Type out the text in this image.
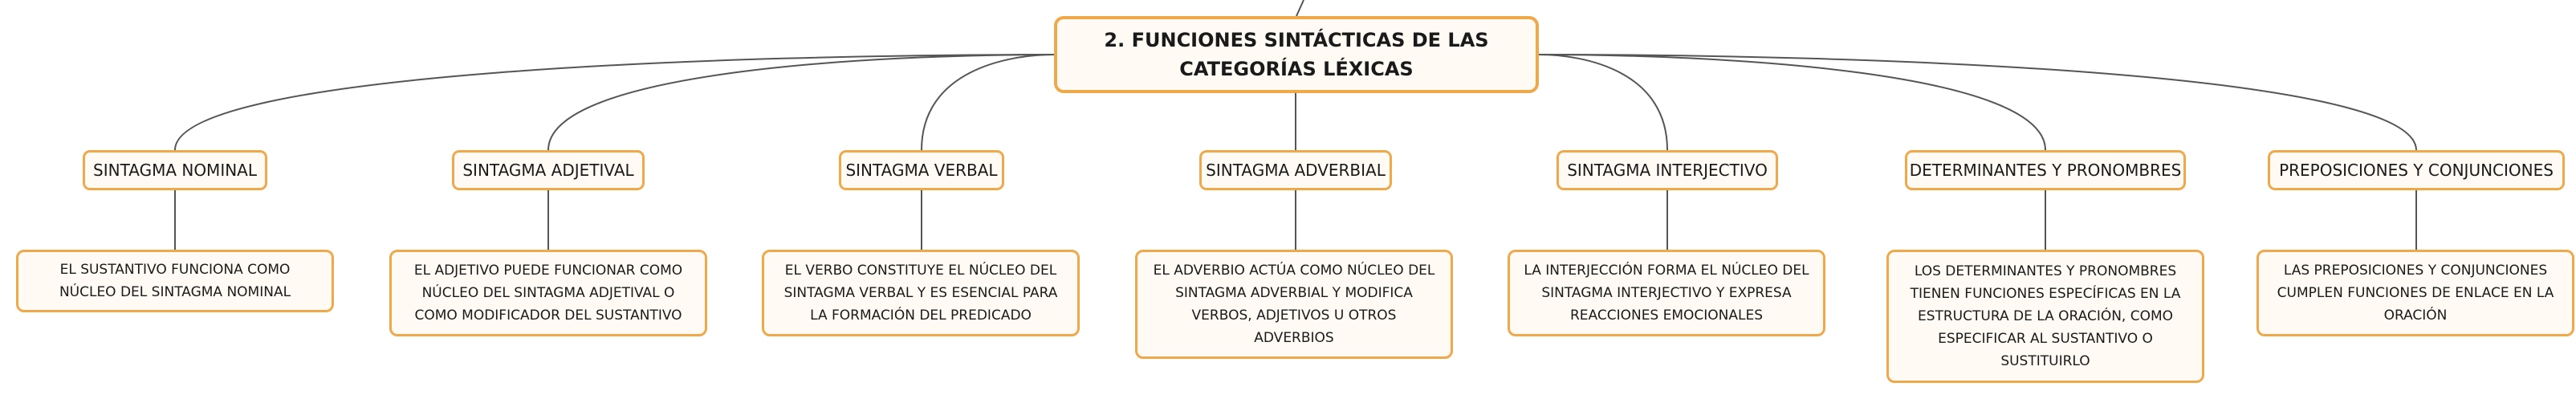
2. FUNCIONES SINTÁCTICAS DE LAS CATEGORÍAS LÉXICAS
SINTAGMA NOMINAL	SINTAGMA ADJETIVAL	SINTAGMA VERBAL	SINTAGMA ADVERBIAL	SINTAGMA INTERJECTIVO	DETERMINANTES Y PRONOMBRES	PREPOSICIONES Y CONJUNCIONES
EL SUSTANTIVO FUNCIONA COMO NÚCLEO DEL SINTAGMA NOMINAL
EL ADJETIVO PUEDE FUNCIONAR COMO NÚCLEO DEL SINTAGMA ADJETIVAL O COMO MODIFICADOR DEL SUSTANTIVO
EL VERBO CONSTITUYE EL NÚCLEO DEL SINTAGMA VERBAL Y ES ESENCIAL PARA LA FORMACIÓN DEL PREDICADO
EL ADVERBIO ACTÚA COMO NÚCLEO DEL SINTAGMA ADVERBIAL Y MODIFICA VERBOS, ADJETIVOS U OTROS ADVERBIOS
LA INTERJECCIÓN FORMA EL NÚCLEO DEL SINTAGMA INTERJECTIVO Y EXPRESA REACCIONES EMOCIONALES
LOS DETERMINANTES Y PRONOMBRES TIENEN FUNCIONES ESPECÍFICAS EN LA ESTRUCTURA DE LA ORACIÓN, COMO ESPECIFICAR AL SUSTANTIVO O SUSTITUIRLO
LAS PREPOSICIONES Y CONJUNCIONES CUMPLEN FUNCIONES DE ENLACE EN LA ORACIÓN
